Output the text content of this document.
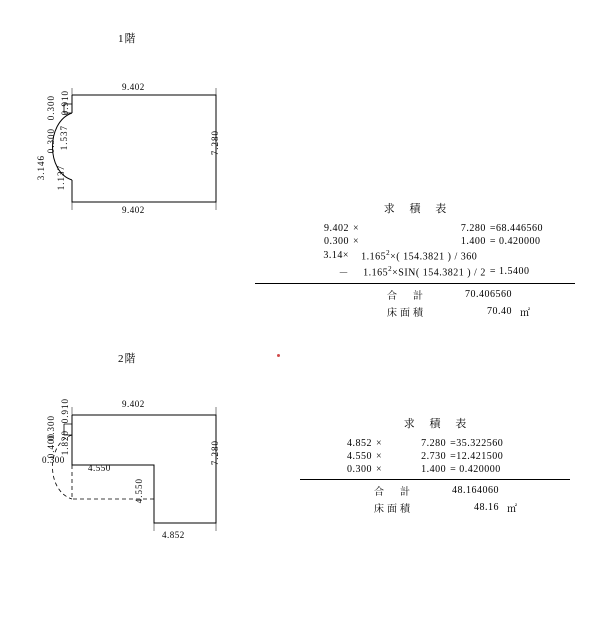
1階
9.402
9.402
7.280
0.300
0.300
0.910
1.537
3.146 1.137
求 積 表
9.402	×	7.280	=68.446560
0.300	×	1.400	= 0.420000
3.14×		$1.165^2\times$( 154.3821 ) / 360	
－		$1.165^2\times SIN$( 154.3821 ) / 2	= 1.5400
合　計	70.406560	
床面積	70.40	㎡
2階
9.402
7.280
4.852
4.550
4.550
0.300
0.300
0.910
0.400 1.820
求 積 表
4.852	×	7.280	=35.322560
4.550	×	2.730	=12.421500
0.300	×	1.400	= 0.420000
合　計	48.164060	
床面積	48.16	㎡
